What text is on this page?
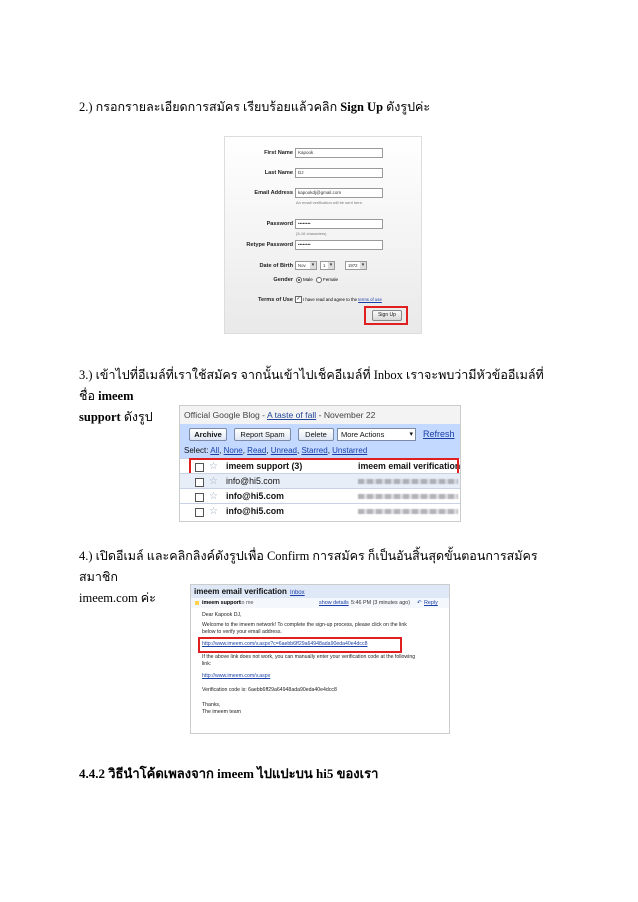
2.) กรอกรายละเอียดการสมัคร เรียบร้อยแล้วคลิก Sign Up ดังรูปค่ะ
First Name	Kapook
Last Name	DJ
Email Address	kapookdj@gmail.com
An email verification will be sent here.
Password	••••••••
(5-16 characters)
Retype Password	••••••••
Date of Birth	Nov ▾	1 ▾	1972 ▾
Gender	Male Female
Terms of Use ✓ I have read and agree to the terms of use
Sign Up
3.) เข้าไปที่อีเมล์ที่เราใช้สมัคร จากนั้นเข้าไปเช็คอีเมล์ที่ Inbox เราจะพบว่ามีหัวข้ออีเมล์ที่ชื่อ imeem
support ดังรูป	Official Google Blog - A taste of fall - November 22
Archive	Report Spam	Delete	More Actions ▾	Refresh
Select: All, None, Read, Unread, Starred, Unstarred
☆ imeem support (3)	imeem email verification
☆ info@hi5.com
☆ info@hi5.com
☆ info@hi5.com
4.) เปิดอีเมล์ และคลิกลิงค์ดังรูปเพื่อ Confirm การสมัคร ก็เป็นอันสิ้นสุดขั้นตอนการสมัครสมาชิก
imeem.com ค่ะ	imeem email verification Inbox
imeem support to me	show details 5:46 PM (3 minutes ago) ↶ Reply
Dear Kapook DJ,
Welcome to the imeem network! To complete the sign-up process, please click on the link
below to verify your email address.
http://www.imeem.com/v.aspx?c=6aebb6ff29a64948ada90eda40e4dcc8
If the above link does not work, you can manually enter your verification code at the following
link:
http://www.imeem.com/v.aspx
Verification code is: 6aebb6ff29a64948ada90eda40e4dcc8
Thanks,
The imeem team
4.4.2 วิธีนำโค้ดเพลงจาก imeem ไปแปะบน hi5 ของเรา
